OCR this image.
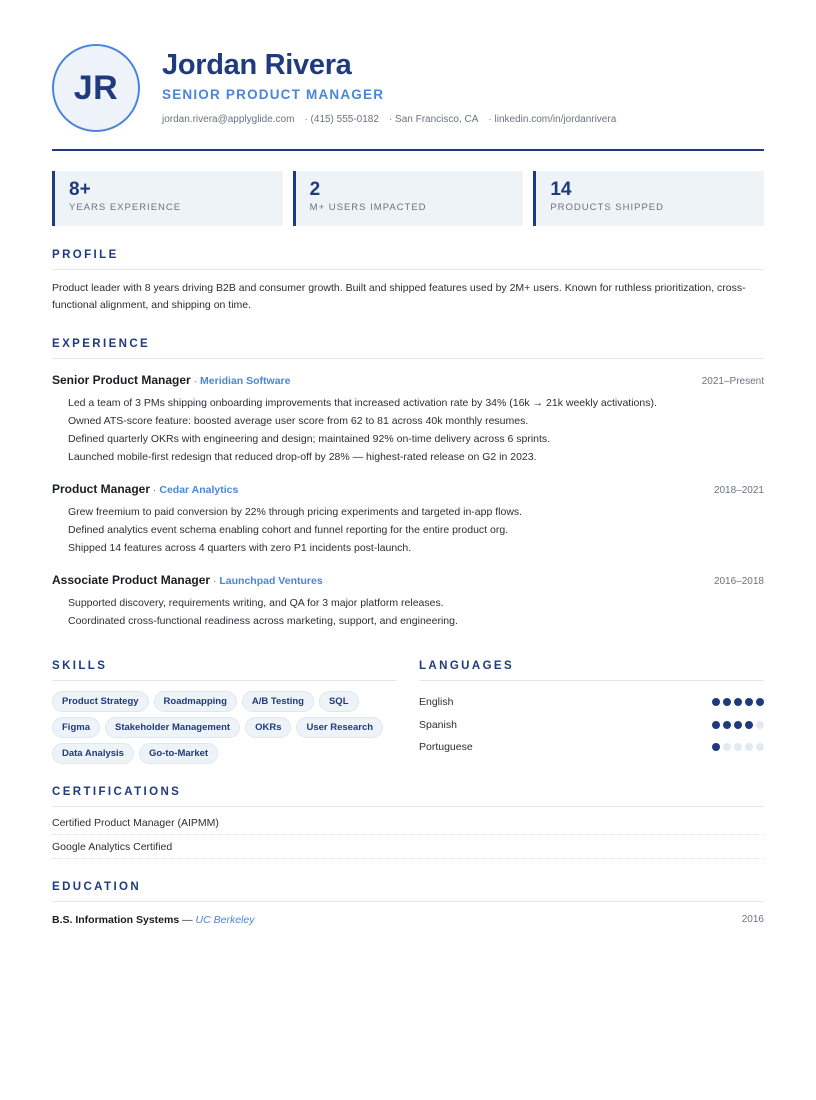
JR
Jordan Rivera
SENIOR PRODUCT MANAGER
jordan.rivera@applyglide.com · (415) 555-0182 · San Francisco, CA · linkedin.com/in/jordanrivera
8+
YEARS EXPERIENCE
2
M+ USERS IMPACTED
14
PRODUCTS SHIPPED
PROFILE

Product leader with 8 years driving B2B and consumer growth. Built and shipped features used by 2M+ users. Known for ruthless prioritization, cross-functional alignment, and shipping on time.

EXPERIENCE
Senior Product Manager · Meridian Software	2021–Present
Led a team of 3 PMs shipping onboarding improvements that increased activation rate by 34% (16k → 21k weekly activations).
Owned ATS-score feature: boosted average user score from 62 to 81 across 40k monthly resumes.
Defined quarterly OKRs with engineering and design; maintained 92% on-time delivery across 6 sprints.
Launched mobile-first redesign that reduced drop-off by 28% — highest-rated release on G2 in 2023.
Product Manager · Cedar Analytics	2018–2021
Grew freemium to paid conversion by 22% through pricing experiments and targeted in-app flows.
Defined analytics event schema enabling cohort and funnel reporting for the entire product org.
Shipped 14 features across 4 quarters with zero P1 incidents post-launch.
Associate Product Manager · Launchpad Ventures	2016–2018
Supported discovery, requirements writing, and QA for 3 major platform releases.
Coordinated cross-functional readiness across marketing, support, and engineering.
SKILLS
Product Strategy	Roadmapping	A/B Testing	SQL
Figma	Stakeholder Management	OKRs	User Research
Data Analysis	Go-to-Market
LANGUAGES
English
Spanish
Portuguese
CERTIFICATIONS
Certified Product Manager (AIPMM)
Google Analytics Certified
EDUCATION
B.S. Information Systems — UC Berkeley	2016
